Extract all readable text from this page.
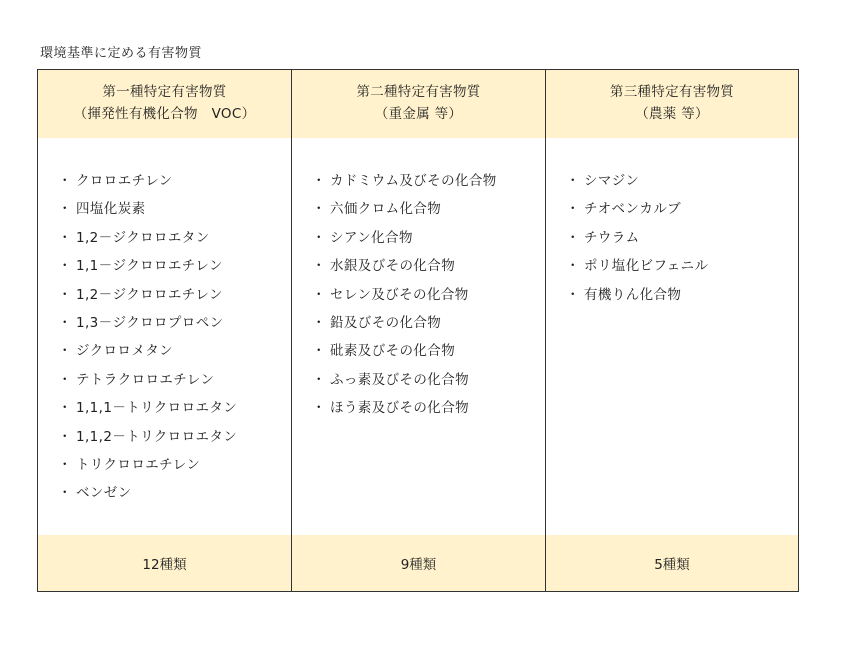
環境基準に定める有害物質
第一種特定有害物質
（揮発性有機化合物　VOC）
第二種特定有害物質
（重金属 等）
第三種特定有害物質
（農薬 等）
・ クロロエチレン
・ 四塩化炭素
・ 1,2－ジクロロエタン
・ 1,1－ジクロロエチレン
・ 1,2－ジクロロエチレン
・ 1,3－ジクロロプロペン
・ ジクロロメタン
・ テトラクロロエチレン
・ 1,1,1－トリクロロエタン
・ 1,1,2－トリクロロエタン
・ トリクロロエチレン
・ ベンゼン
・ カドミウム及びその化合物
・ 六価クロム化合物
・ シアン化合物
・ 水銀及びその化合物
・ セレン及びその化合物
・ 鉛及びその化合物
・ 砒素及びその化合物
・ ふっ素及びその化合物
・ ほう素及びその化合物
・ シマジン
・ チオベンカルブ
・ チウラム
・ ポリ塩化ビフェニル
・ 有機りん化合物
12種類	9種類	5種類
